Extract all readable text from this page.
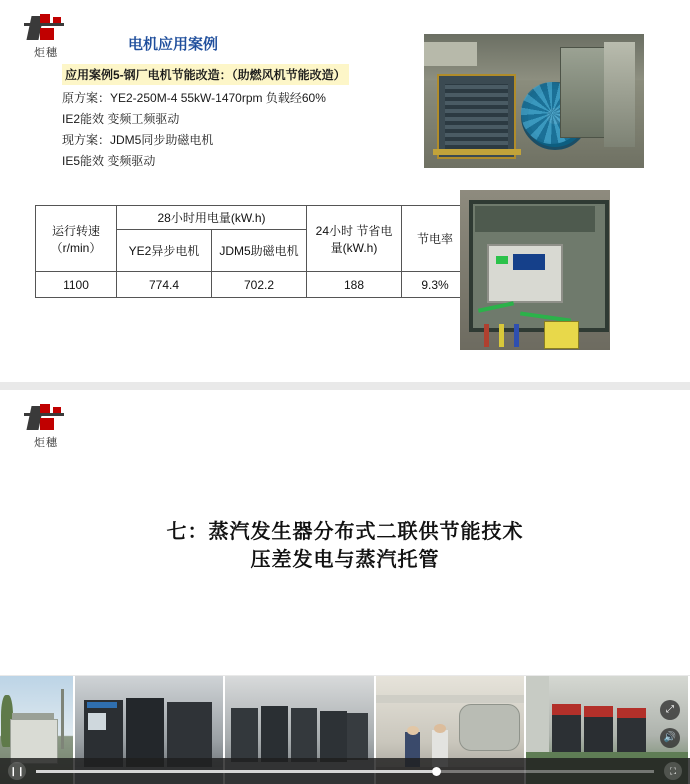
炬穗	电机应用案例
应用案例5-钢厂电机节能改造：（助燃风机节能改造）
原方案：YE2-250M-4 55kW-1470rpm 负载经60%
IE2能效 变频工频驱动
现方案：JDM5同步助磁电机
IE5能效 变频驱动
运行转速
（r/min）	28小时用电量(kW.h)		24小时 节省电量(kW.h)	节电率
	YE2异步电机	JDM5助磁电机		
1100	774.4	702.2	188	9.3%
炬穗
七：蒸汽发生器分布式二联供节能技术
压差发电与蒸汽托管
⤢
🔊
❙❙	⛶
